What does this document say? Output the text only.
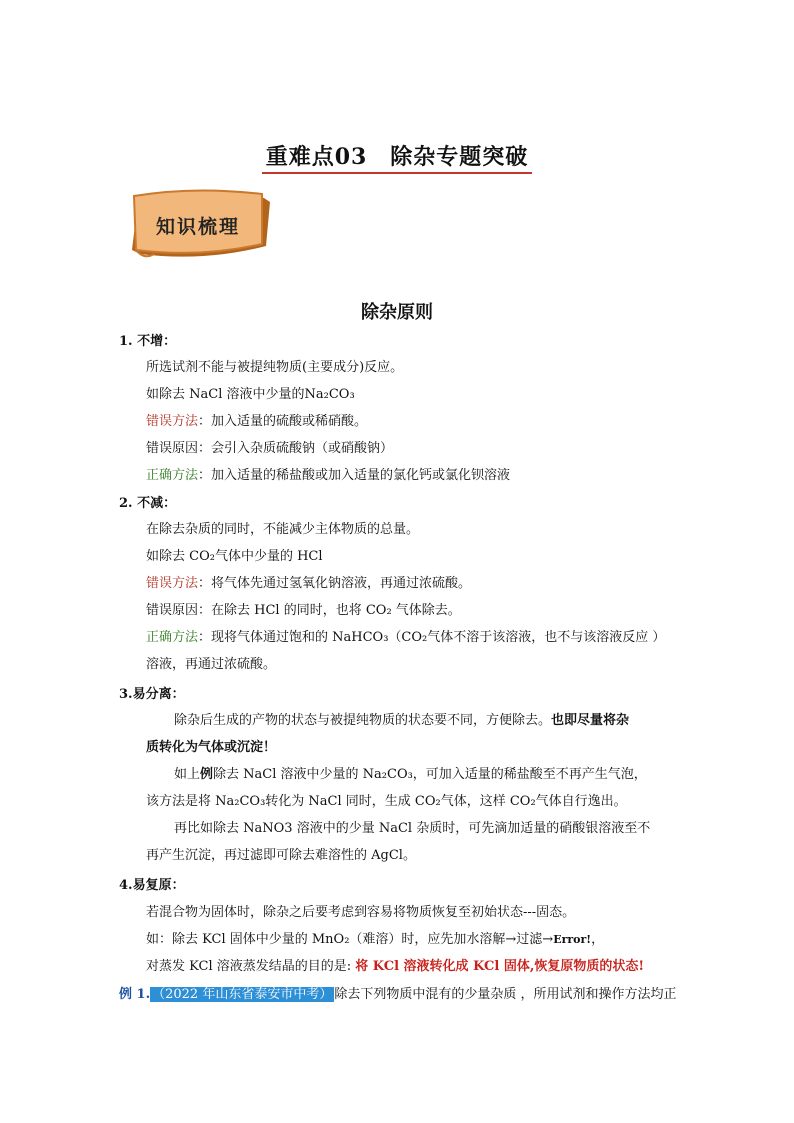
重难点03　除杂专题突破
知识梳理
除杂原则
1. 不增：
所选试剂不能与被提纯物质(主要成分)反应。
如除去 NaCl 溶液中少量的Na₂CO₃
错误方法：加入适量的硫酸或稀硝酸。
错误原因：会引入杂质硫酸钠（或硝酸钠）
正确方法：加入适量的稀盐酸或加入适量的氯化钙或氯化钡溶液
2. 不减：
在除去杂质的同时，不能减少主体物质的总量。
如除去 CO₂气体中少量的 HCl
错误方法：将气体先通过氢氧化钠溶液，再通过浓硫酸。
错误原因：在除去 HCl 的同时，也将 CO₂ 气体除去。
正确方法：现将气体通过饱和的 NaHCO₃（CO₂气体不溶于该溶液，也不与该溶液反应 ）
溶液，再通过浓硫酸。
3.易分离：
除杂后生成的产物的状态与被提纯物质的状态要不同，方便除去。也即尽量将杂
质转化为气体或沉淀！
如上例除去 NaCl 溶液中少量的 Na₂CO₃，可加入适量的稀盐酸至不再产生气泡，
该方法是将 Na₂CO₃转化为 NaCl 同时，生成 CO₂气体，这样 CO₂气体自行逸出。
再比如除去 NaNO3 溶液中的少量 NaCl 杂质时，可先滴加适量的硝酸银溶液至不
再产生沉淀，再过滤即可除去难溶性的 AgCl。
4.易复原：
若混合物为固体时，除杂之后要考虑到容易将物质恢复至初始状态---固态。
如：除去 KCl 固体中少量的 MnO₂（难溶）时，应先加水溶解→过滤→Error!，
对蒸发 KCl 溶液蒸发结晶的目的是: 将 KCl 溶液转化成 KCl 固体,恢复原物质的状态!
例 1. （2022 年山东省泰安市中考） 除去下列物质中混有的少量杂质 ，所用试剂和操作方法均正
